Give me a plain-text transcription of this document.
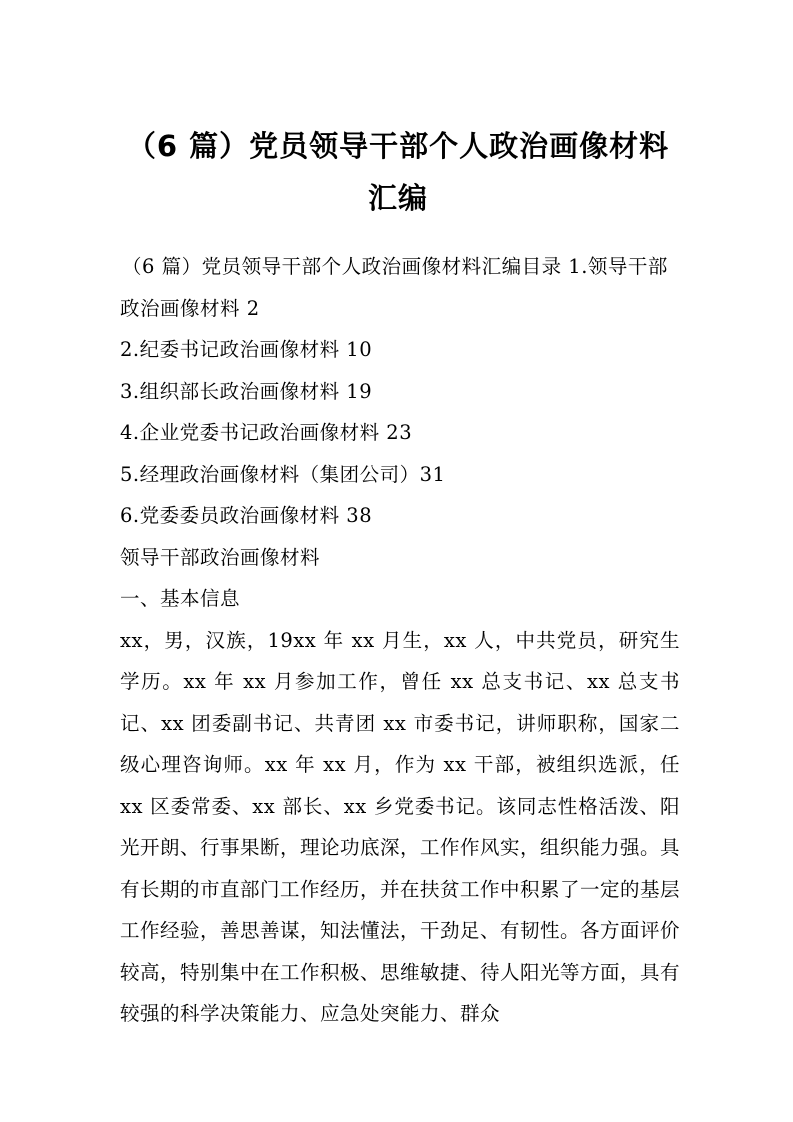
（6 篇）党员领导干部个人政治画像材料汇编

（6 篇）党员领导干部个人政治画像材料汇编目录 1.领导干部政治画像材料 2

2.纪委书记政治画像材料 10

3.组织部长政治画像材料 19

4.企业党委书记政治画像材料 23

5.经理政治画像材料（集团公司）31

6.党委委员政治画像材料 38

领导干部政治画像材料

一、基本信息

xx，男，汉族，19xx 年 xx 月生，xx 人，中共党员，研究生学历。xx 年 xx 月参加工作，曾任 xx 总支书记、xx 总支书记、xx 团委副书记、共青团 xx 市委书记，讲师职称，国家二级心理咨询师。xx 年 xx 月，作为 xx 干部，被组织选派，任 xx 区委常委、xx 部长、xx 乡党委书记。该同志性格活泼、阳光开朗、行事果断，理论功底深，工作作风实，组织能力强。具有长期的市直部门工作经历，并在扶贫工作中积累了一定的基层工作经验，善思善谋，知法懂法，干劲足、有韧性。各方面评价较高，特别集中在工作积极、思维敏捷、待人阳光等方面，具有较强的科学决策能力、应急处突能力、群众
